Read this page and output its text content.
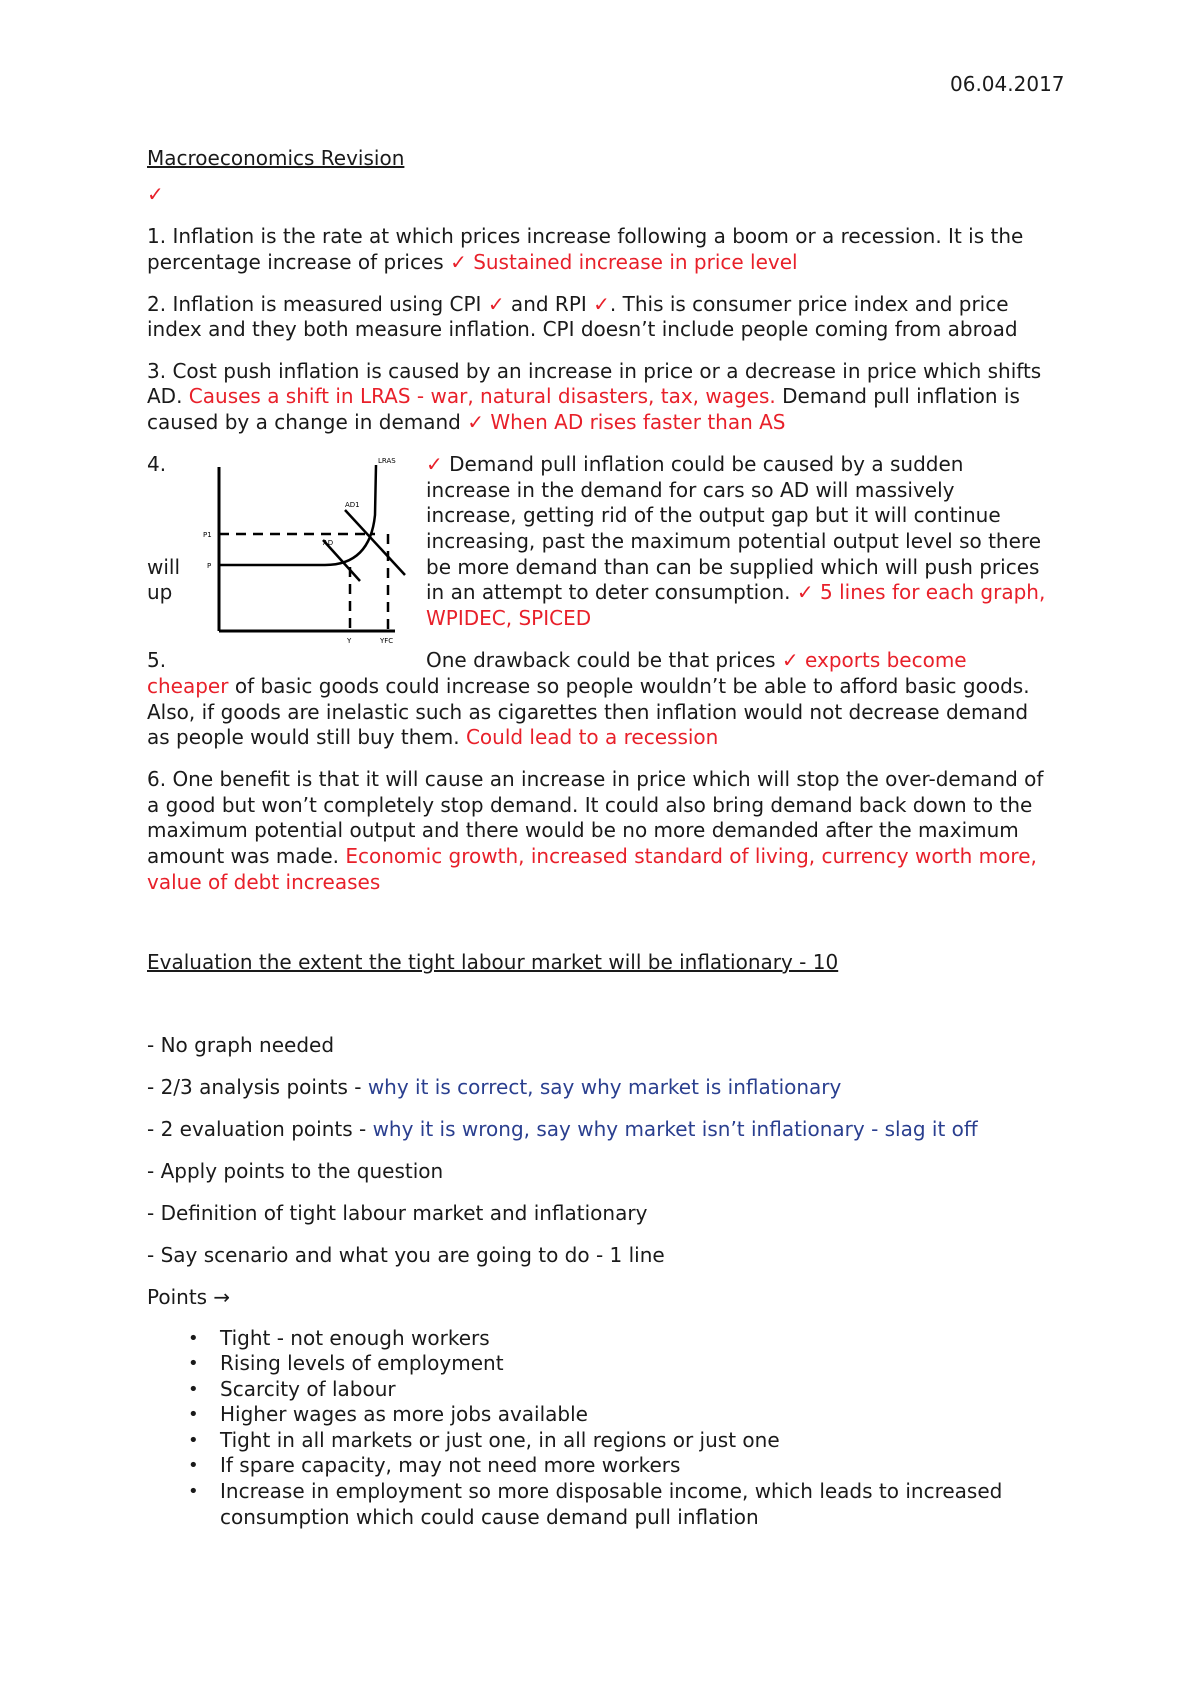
06.04.2017
Macroeconomics Revision
✓
1. Inflation is the rate at which prices increase following a boom or a recession. It is the
percentage increase of prices ✓ Sustained increase in price level
2. Inflation is measured using CPI ✓ and RPI ✓. This is consumer price index and price
index and they both measure inflation. CPI doesn’t include people coming from abroad
3. Cost push inflation is caused by an increase in price or a decrease in price which shifts
AD. Causes a shift in LRAS - war, natural disasters, tax, wages. Demand pull inflation is
caused by a change in demand ✓ When AD rises faster than AS
4.
will
up
LRAS
AD1
AD
P1
P
Y	YFC
✓ Demand pull inflation could be caused by a sudden
increase in the demand for cars so AD will massively
increase, getting rid of the output gap but it will continue
increasing, past the maximum potential output level so there
be more demand than can be supplied which will push prices
in an attempt to deter consumption. ✓ 5 lines for each graph,
WPIDEC, SPICED
5.	One drawback could be that prices ✓ exports become
cheaper of basic goods could increase so people wouldn’t be able to afford basic goods.
Also, if goods are inelastic such as cigarettes then inflation would not decrease demand
as people would still buy them. Could lead to a recession
6. One benefit is that it will cause an increase in price which will stop the over-demand of
a good but won’t completely stop demand. It could also bring demand back down to the
maximum potential output and there would be no more demanded after the maximum
amount was made. Economic growth, increased standard of living, currency worth more,
value of debt increases
Evaluation the extent the tight labour market will be inflationary - 10
- No graph needed
- 2/3 analysis points - why it is correct, say why market is inflationary
- 2 evaluation points - why it is wrong, say why market isn’t inflationary - slag it off
- Apply points to the question
- Definition of tight labour market and inflationary
- Say scenario and what you are going to do - 1 line
Points →
• Tight - not enough workers
• Rising levels of employment
• Scarcity of labour
• Higher wages as more jobs available
• Tight in all markets or just one, in all regions or just one
• If spare capacity, may not need more workers
• Increase in employment so more disposable income, which leads to increased
consumption which could cause demand pull inflation
